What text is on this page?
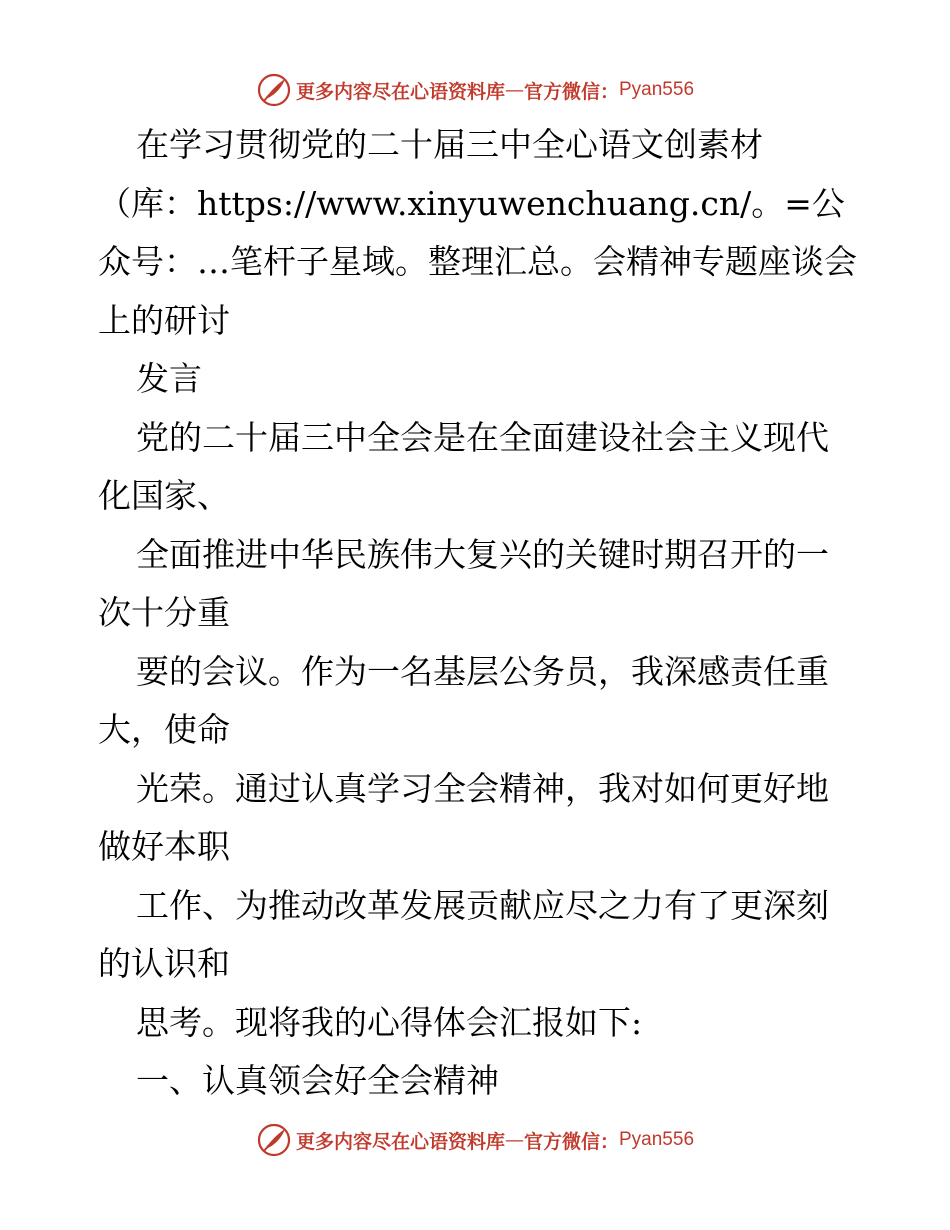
更多内容尽在心语资料库 — 官方微信： Pyan556

在学习贯彻党的二十届三中全心语文创素材（库：https://www.xinyuwenchuang.cn/。=公众号：…笔杆子星域。整理汇总。会精神专题座谈会上的研讨

发言

党的二十届三中全会是在全面建设社会主义现代化国家、

全面推进中华民族伟大复兴的关键时期召开的一次十分重

要的会议。作为一名基层公务员，我深感责任重大，使命

光荣。通过认真学习全会精神，我对如何更好地做好本职

工作、为推动改革发展贡献应尽之力有了更深刻的认识和

思考。现将我的心得体会汇报如下:

一、认真领会好全会精神

更多内容尽在心语资料库 — 官方微信： Pyan556
